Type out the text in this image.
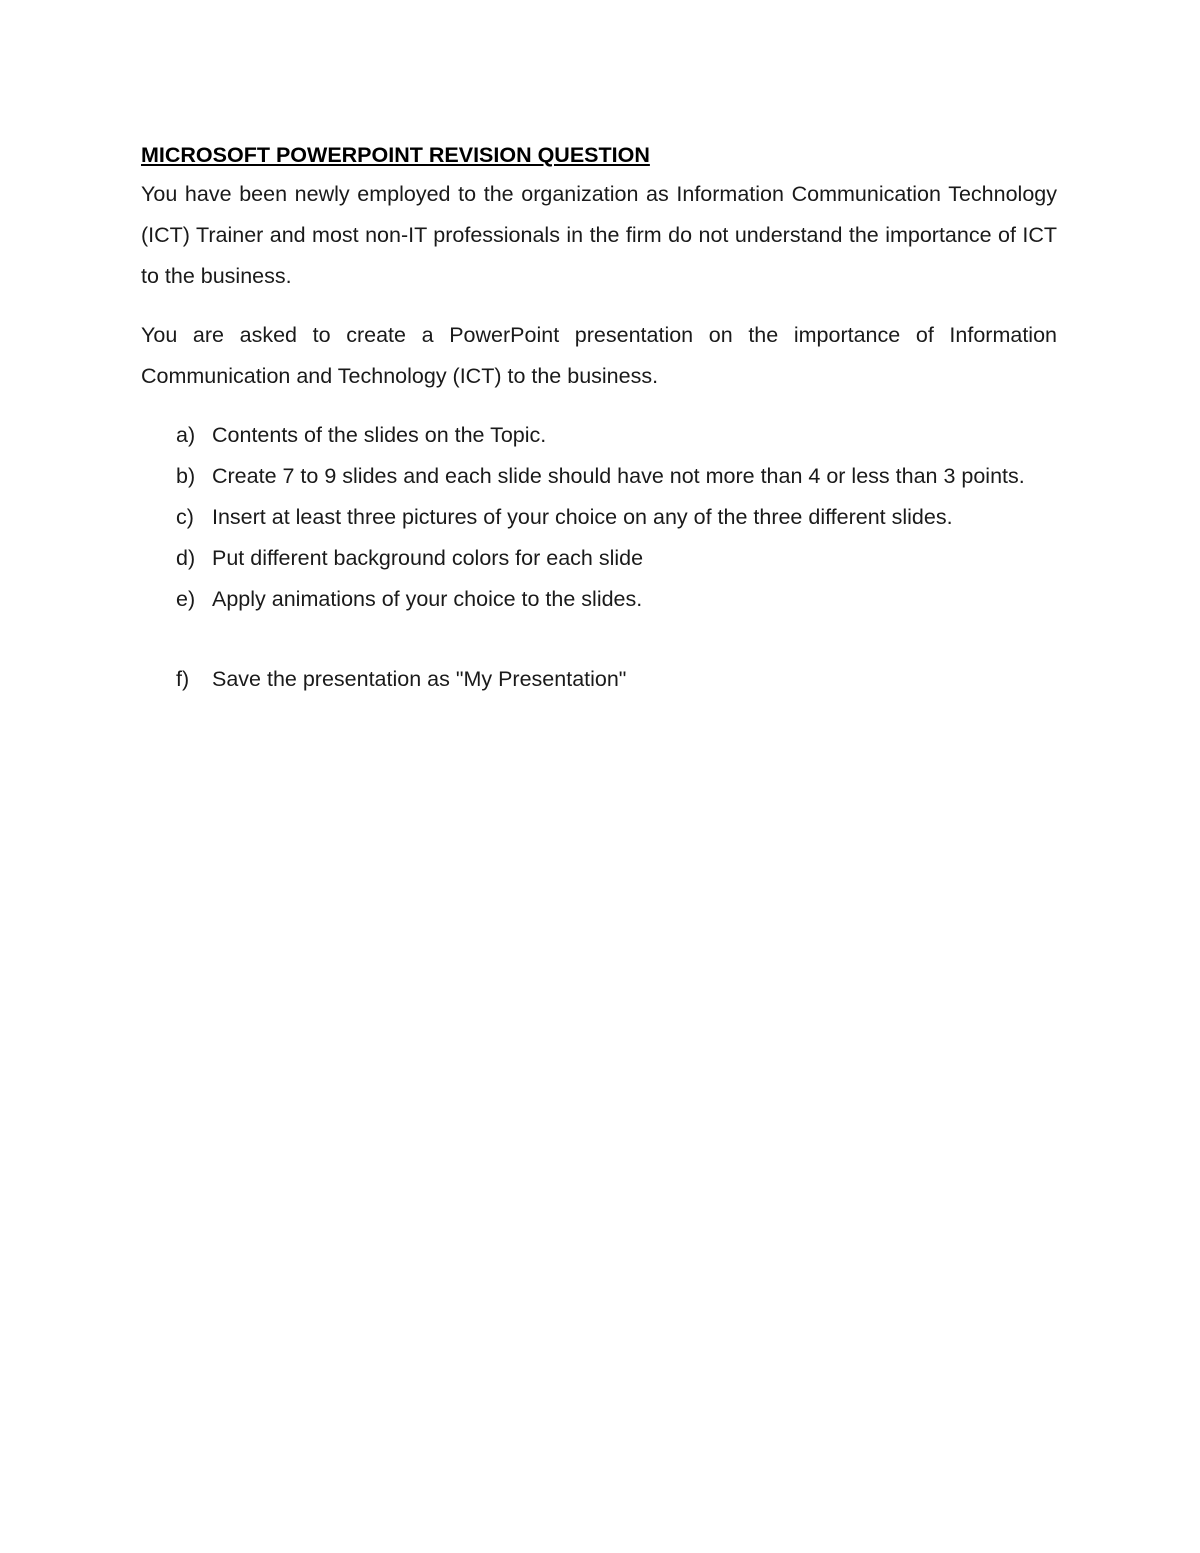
MICROSOFT POWERPOINT REVISION QUESTION

You have been newly employed to the organization as Information Communication Technology (ICT) Trainer and most non-IT professionals in the firm do not understand the importance of ICT to the business.

You are asked to create a PowerPoint presentation on the importance of Information Communication and Technology (ICT) to the business.

a) Contents of the slides on the Topic.
b) Create 7 to 9 slides and each slide should have not more than 4 or less than 3 points.
c) Insert at least three pictures of your choice on any of the three different slides.
d) Put different background colors for each slide
e) Apply animations of your choice to the slides.
f) Save the presentation as "My Presentation"
